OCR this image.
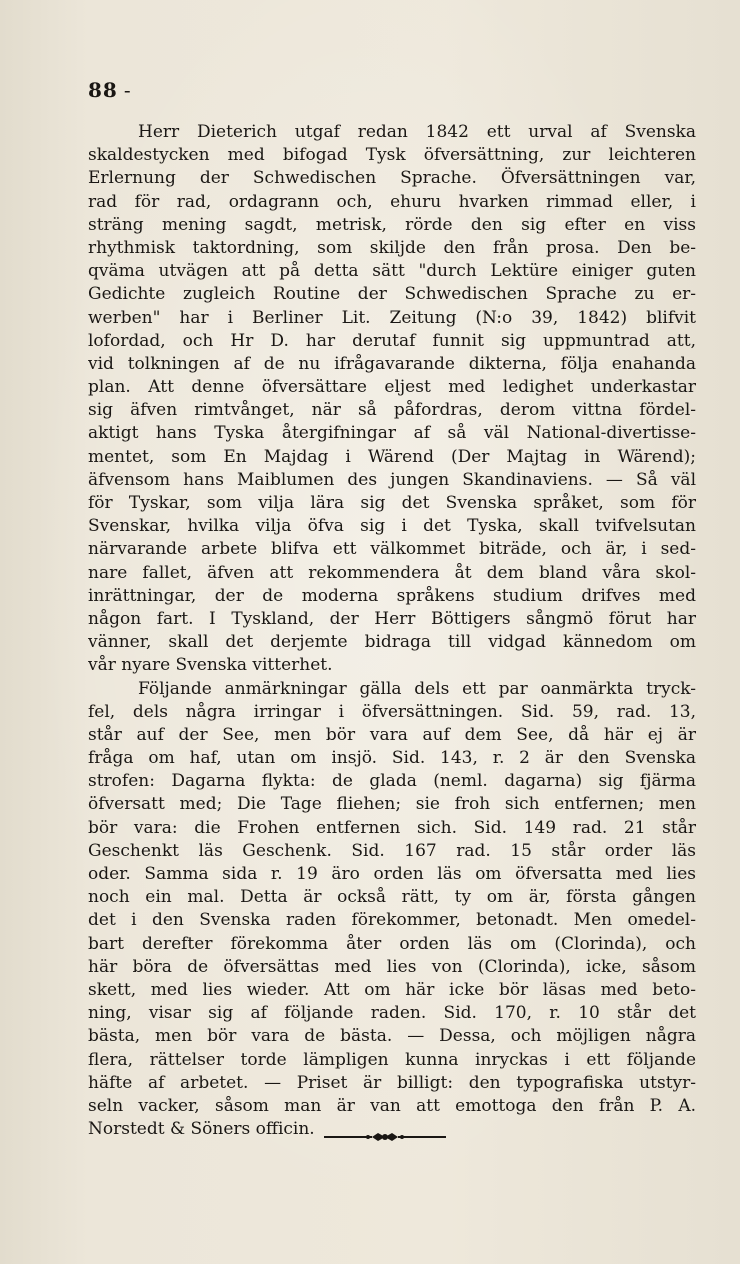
88 -
Herr Dieterich utgaf redan 1842 ett urval af Svenska
skaldestycken med bifogad Tysk öfversättning, zur leichteren
Erlernung der Schwedischen Sprache. Öfversättningen var,
rad för rad, ordagrann och, ehuru hvarken rimmad eller, i
sträng mening sagdt, metrisk, rörde den sig efter en viss
rhythmisk taktordning, som skiljde den från prosa. Den be-
qväma utvägen att på detta sätt "durch Lektüre einiger guten
Gedichte zugleich Routine der Schwedischen Sprache zu er-
werben" har i Berliner Lit. Zeitung (N:o 39, 1842) blifvit
lofordad, och Hr D. har derutaf funnit sig uppmuntrad att,
vid tolkningen af de nu ifrågavarande dikterna, följa enahanda
plan. Att denne öfversättare eljest med ledighet underkastar
sig äfven rimtvånget, när så påfordras, derom vittna fördel-
aktigt hans Tyska återgifningar af så väl National-divertisse-
mentet, som En Majdag i Wärend (Der Majtag in Wärend);
äfvensom hans Maiblumen des jungen Skandinaviens. — Så väl
för Tyskar, som vilja lära sig det Svenska språket, som för
Svenskar, hvilka vilja öfva sig i det Tyska, skall tvifvelsutan
närvarande arbete blifva ett välkommet biträde, och är, i sed-
nare fallet, äfven att rekommendera åt dem bland våra skol-
inrättningar, der de moderna språkens studium drifves med
någon fart. I Tyskland, der Herr Böttigers sångmö förut har
vänner, skall det derjemte bidraga till vidgad kännedom om
vår nyare Svenska vitterhet.
Följande anmärkningar gälla dels ett par oanmärkta tryck-
fel, dels några irringar i öfversättningen. Sid. 59, rad. 13,
står auf der See, men bör vara auf dem See, då här ej är
fråga om haf, utan om insjö. Sid. 143, r. 2 är den Svenska
strofen: Dagarna flykta: de glada (neml. dagarna) sig fjärma
öfversatt med; Die Tage fliehen; sie froh sich entfernen; men
bör vara: die Frohen entfernen sich. Sid. 149 rad. 21 står
Geschenkt läs Geschenk. Sid. 167 rad. 15 står order läs
oder. Samma sida r. 19 äro orden läs om öfversatta med lies
noch ein mal. Detta är också rätt, ty om är, första gången
det i den Svenska raden förekommer, betonadt. Men omedel-
bart derefter förekomma åter orden läs om (Clorinda), och
här böra de öfversättas med lies von (Clorinda), icke, såsom
skett, med lies wieder. Att om här icke bör läsas med beto-
ning, visar sig af följande raden. Sid. 170, r. 10 står det
bästa, men bör vara de bästa. — Dessa, och möjligen några
flera, rättelser torde lämpligen kunna inryckas i ett följande
häfte af arbetet. — Priset är billigt: den typografiska utstyr-
seln vacker, såsom man är van att emottoga den från P. A.
Norstedt & Söners officin.
